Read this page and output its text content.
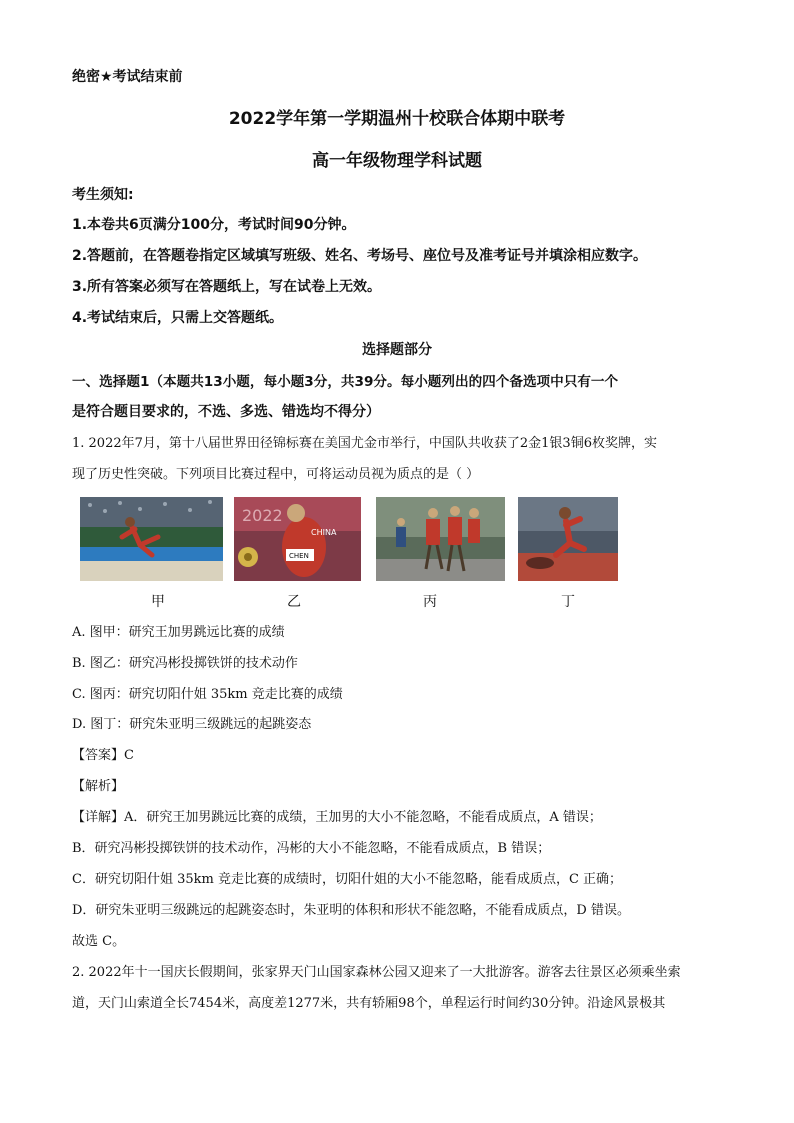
绝密★考试结束前
2022学年第一学期温州十校联合体期中联考
高一年级物理学科试题
考生须知:
1.本卷共6页满分100分，考试时间90分钟。
2.答题前，在答题卷指定区域填写班级、姓名、考场号、座位号及准考证号并填涂相应数字。
3.所有答案必须写在答题纸上，写在试卷上无效。
4.考试结束后，只需上交答题纸。
选择题部分
一、选择题1（本题共13小题，每小题3分，共39分。每小题列出的四个备选项中只有一个
是符合题目要求的，不选、多选、错选均不得分）
1. 2022年7月，第十八届世界田径锦标赛在美国尤金市举行，中国队共收获了2金1银3铜6枚奖牌，实
现了历史性突破。下列项目比赛过程中，可将运动员视为质点的是（ ）
2022
CHINA
CHEN
甲	乙	丙	丁
A. 图甲：研究王加男跳远比赛的成绩
B. 图乙：研究冯彬投掷铁饼的技术动作
C. 图丙：研究切阳什姐 35km 竞走比赛的成绩
D. 图丁：研究朱亚明三级跳远的起跳姿态
【答案】C
【解析】
【详解】A．研究王加男跳远比赛的成绩，王加男的大小不能忽略，不能看成质点，A 错误；
B．研究冯彬投掷铁饼的技术动作，冯彬的大小不能忽略，不能看成质点，B 错误；
C．研究切阳什姐 35km 竞走比赛的成绩时，切阳什姐的大小不能忽略，能看成质点，C 正确；
D．研究朱亚明三级跳远的起跳姿态时，朱亚明的体积和形状不能忽略，不能看成质点，D 错误。
故选 C。
2. 2022年十一国庆长假期间，张家界天门山国家森林公园又迎来了一大批游客。游客去往景区必须乘坐索
道，天门山索道全长7454米，高度差1277米，共有轿厢98个，单程运行时间约30分钟。沿途风景极其
